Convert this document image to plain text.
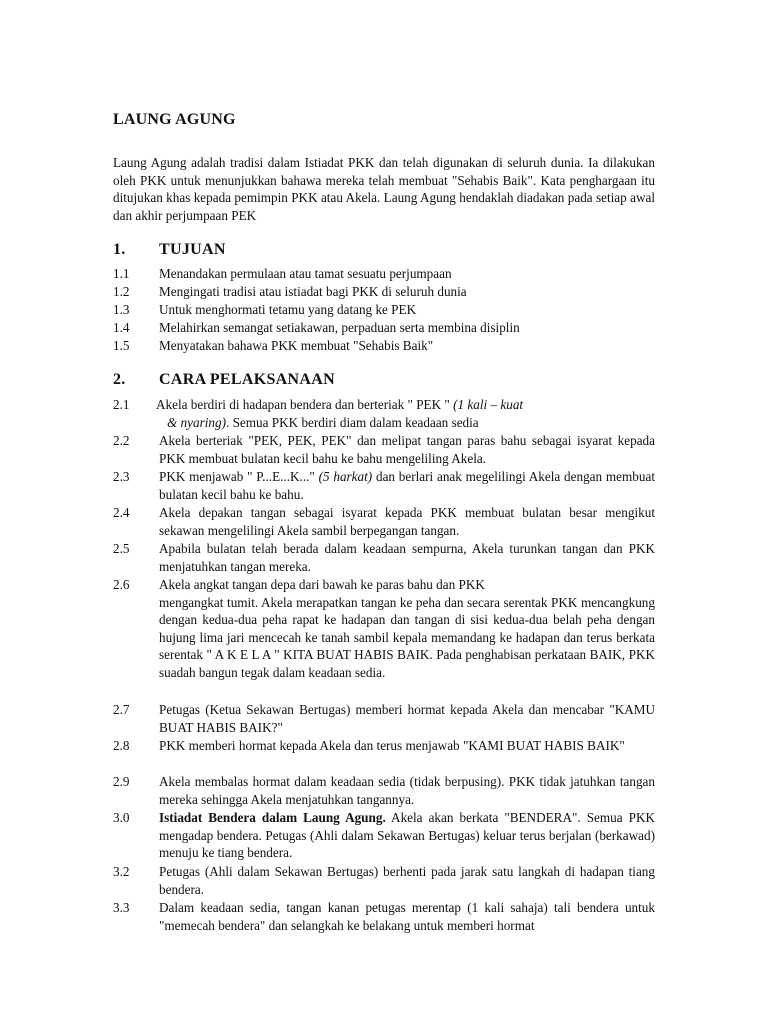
LAUNG AGUNG

Laung Agung adalah tradisi dalam Istiadat PKK dan telah digunakan di seluruh dunia. Ia dilakukan oleh PKK untuk menunjukkan bahawa mereka telah membuat "Sehabis Baik". Kata penghargaan itu ditujukan khas kepada pemimpin PKK atau Akela. Laung Agung hendaklah diadakan pada setiap awal dan akhir perjumpaan PEK

1. TUJUAN
1.1 Menandakan permulaan atau tamat sesuatu perjumpaan
1.2 Mengingati tradisi atau istiadat bagi PKK di seluruh dunia
1.3 Untuk menghormati tetamu yang datang ke PEK
1.4 Melahirkan semangat setiakawan, perpaduan serta membina disiplin
1.5 Menyatakan bahawa PKK membuat "Sehabis Baik"
2. CARA PELAKSANAAN
2.1 Akela berdiri di hadapan bendera dan berteriak " PEK " (1 kali – kuat
& nyaring). Semua PKK berdiri diam dalam keadaan sedia
2.2 Akela berteriak "PEK, PEK, PEK" dan melipat tangan paras bahu sebagai isyarat kepada PKK membuat bulatan kecil bahu ke bahu mengeliling Akela.
2.3 PKK menjawab " P...E...K..." (5 harkat) dan berlari anak megelilingi Akela dengan membuat bulatan kecil bahu ke bahu.
2.4 Akela depakan tangan sebagai isyarat kepada PKK membuat bulatan besar mengikut sekawan mengelilingi Akela sambil berpegangan tangan.
2.5 Apabila bulatan telah berada dalam keadaan sempurna, Akela turunkan tangan dan PKK menjatuhkan tangan mereka.
2.6 Akela angkat tangan depa dari bawah ke paras bahu dan PKK
mengangkat tumit. Akela merapatkan tangan ke peha dan secara serentak PKK mencangkung dengan kedua-dua peha rapat ke hadapan dan tangan di sisi kedua-dua belah peha dengan hujung lima jari mencecah ke tanah sambil kepala memandang ke hadapan dan terus berkata serentak " A K E L A " KITA BUAT HABIS BAIK. Pada penghabisan perkataan BAIK, PKK suadah bangun tegak dalam keadaan sedia.
2.7 Petugas (Ketua Sekawan Bertugas) memberi hormat kepada Akela dan mencabar "KAMU BUAT HABIS BAIK?"
2.8 PKK memberi hormat kepada Akela dan terus menjawab "KAMI BUAT HABIS BAIK"
2.9 Akela membalas hormat dalam keadaan sedia (tidak berpusing). PKK tidak jatuhkan tangan mereka sehingga Akela menjatuhkan tangannya.
3.0 Istiadat Bendera dalam Laung Agung. Akela akan berkata "BENDERA". Semua PKK mengadap bendera. Petugas (Ahli dalam Sekawan Bertugas) keluar terus berjalan (berkawad) menuju ke tiang bendera.
3.2 Petugas (Ahli dalam Sekawan Bertugas) berhenti pada jarak satu langkah di hadapan tiang bendera.
3.3 Dalam keadaan sedia, tangan kanan petugas merentap (1 kali sahaja) tali bendera untuk "memecah bendera" dan selangkah ke belakang untuk memberi hormat
